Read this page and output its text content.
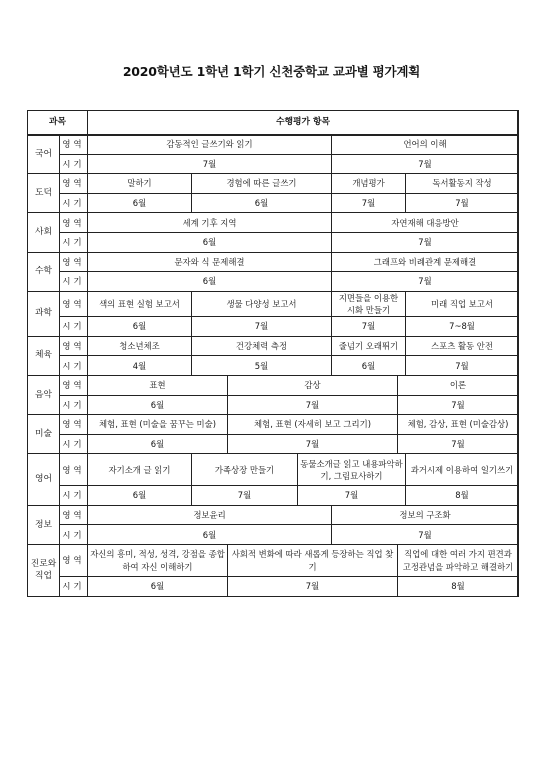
2020학년도 1학년 1학기 신천중학교 교과별 평가계획
과목		수행평가 항목						
국어	영역	감동적인 글쓰기와 읽기				언어의 이해		
	시기	7월				7월		
도덕	영역	말하기	경험에 따른 글쓰기			개념평가		독서활동지 작성
	시기	6월	6월			7월		7월
사회	영역	세계 기후 지역				자연재해 대응방안		
	시기	6월				7월		
수학	영역	문자와 식 문제해결				그래프와 비례관계 문제해결		
	시기	6월				7월		
과학	영역	색의 표현 실험 보고서	생물 다양성 보고서			지면들을 이용한 시화 만들기		미래 직업 보고서
	시기	6월	7월			7월		7~8월
체육	영역	청소년체조	건강체력 측정			줄넘기 오래뛰기		스포츠 활동 안전
	시기	4월	5월			6월		7월
음악	영역	표현		감상			이론	
	시기	6월		7월			7월	
미술	영역	체험, 표현 (미술을 꿈꾸는 미술)		체험, 표현 (자세히 보고 그리기)			체험, 감상, 표현 (미술감상)	
	시기	6월		7월			7월	
영어	영역	자기소개 글 읽기	가족상장 만들기		동물소개글 읽고 내용파악하기, 그림묘사하기			과거시제 이용하여 일기쓰기
	시기	6월	7월		7월			8월
정보	영역	정보윤리				정보의 구조화		
	시기	6월				7월		
진로와 직업	영역	자신의 흥미, 적성, 성격, 강점을 종합하여 자신 이해하기		사회적 변화에 따라 새롭게 등장하는 직업 찾기			직업에 대한 여러 가지 편견과 고정관념을 파악하고 해결하기	
	시기	6월		7월			8월	
